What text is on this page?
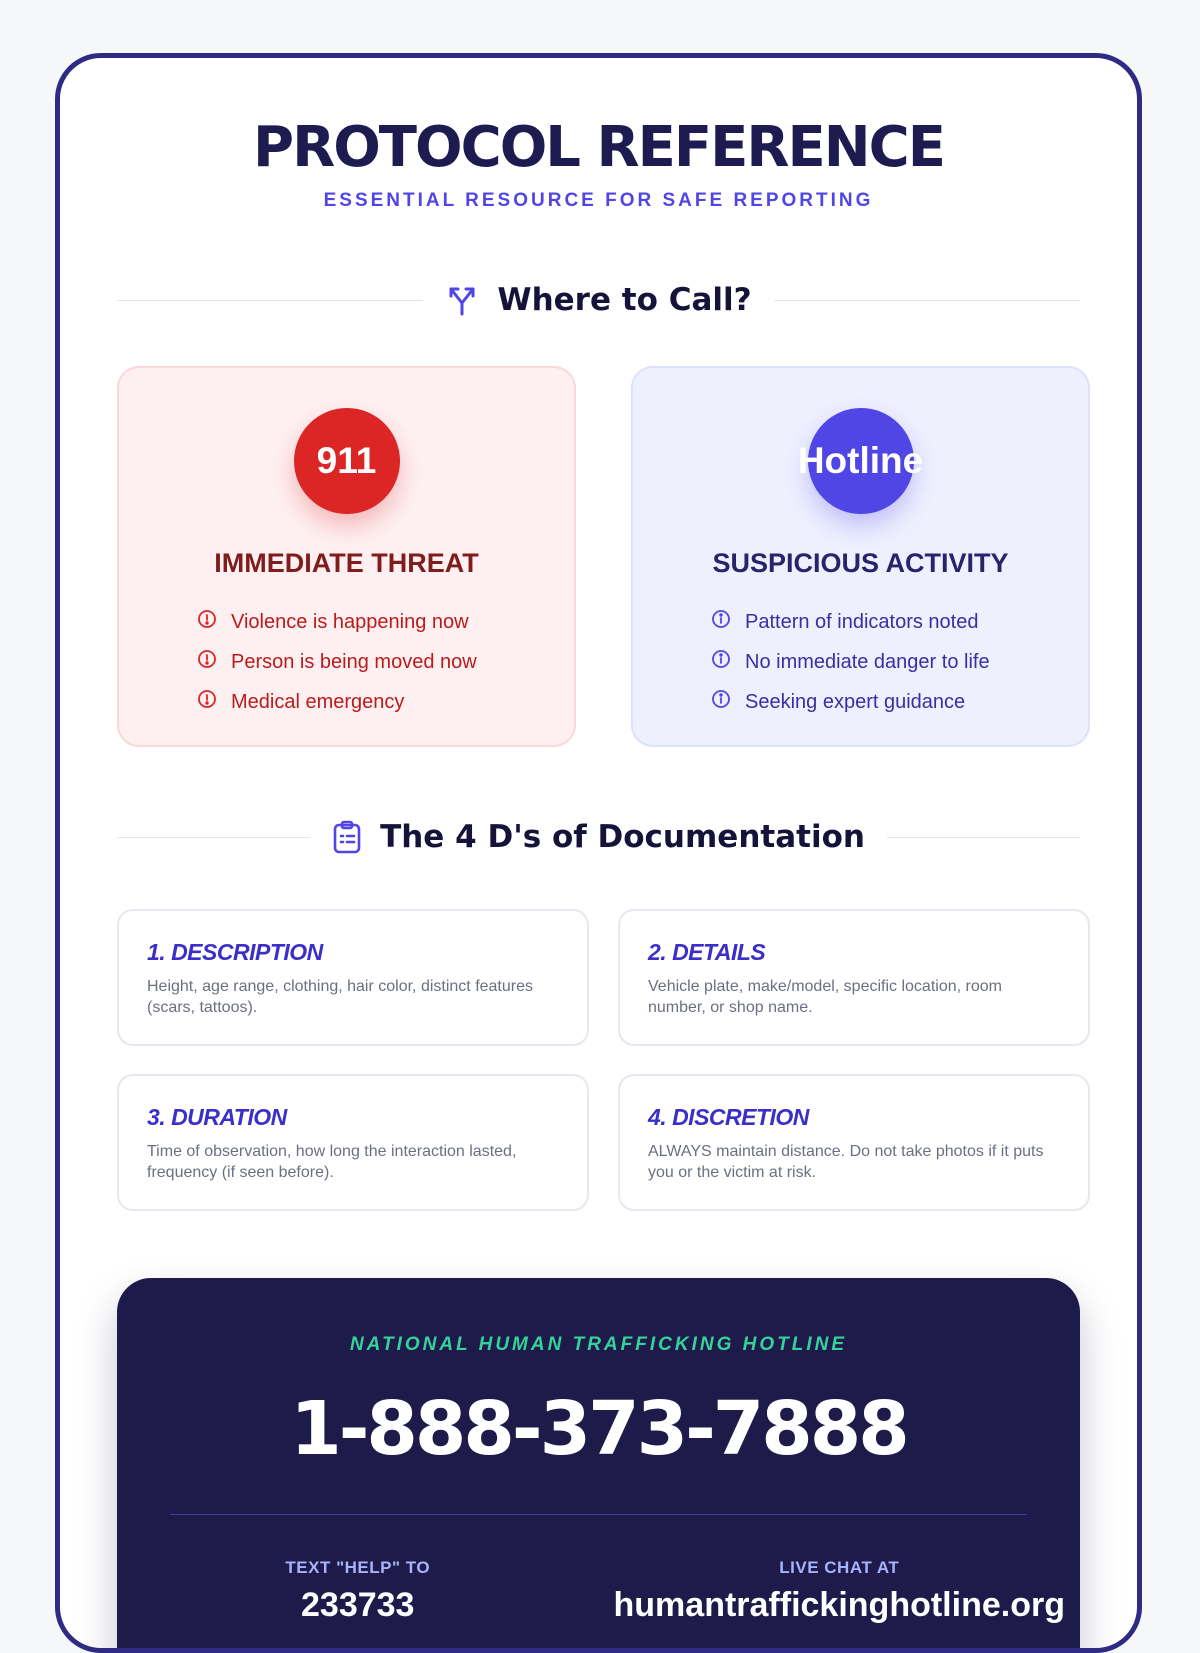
PROTOCOL REFERENCE
ESSENTIAL RESOURCE FOR SAFE REPORTING
Where to Call?
911
IMMEDIATE THREAT
Violence is happening now
Person is being moved now
Medical emergency
Hotline
SUSPICIOUS ACTIVITY
Pattern of indicators noted
No immediate danger to life
Seeking expert guidance
The 4 D's of Documentation
1. DESCRIPTION
Height, age range, clothing, hair color, distinct features (scars, tattoos).
2. DETAILS
Vehicle plate, make/model, specific location, room number, or shop name.
3. DURATION
Time of observation, how long the interaction lasted, frequency (if seen before).
4. DISCRETION
ALWAYS maintain distance. Do not take photos if it puts you or the victim at risk.
NATIONAL HUMAN TRAFFICKING HOTLINE
1-888-373-7888
TEXT "HELP" TO
233733
LIVE CHAT AT
humantraffickinghotline.org
